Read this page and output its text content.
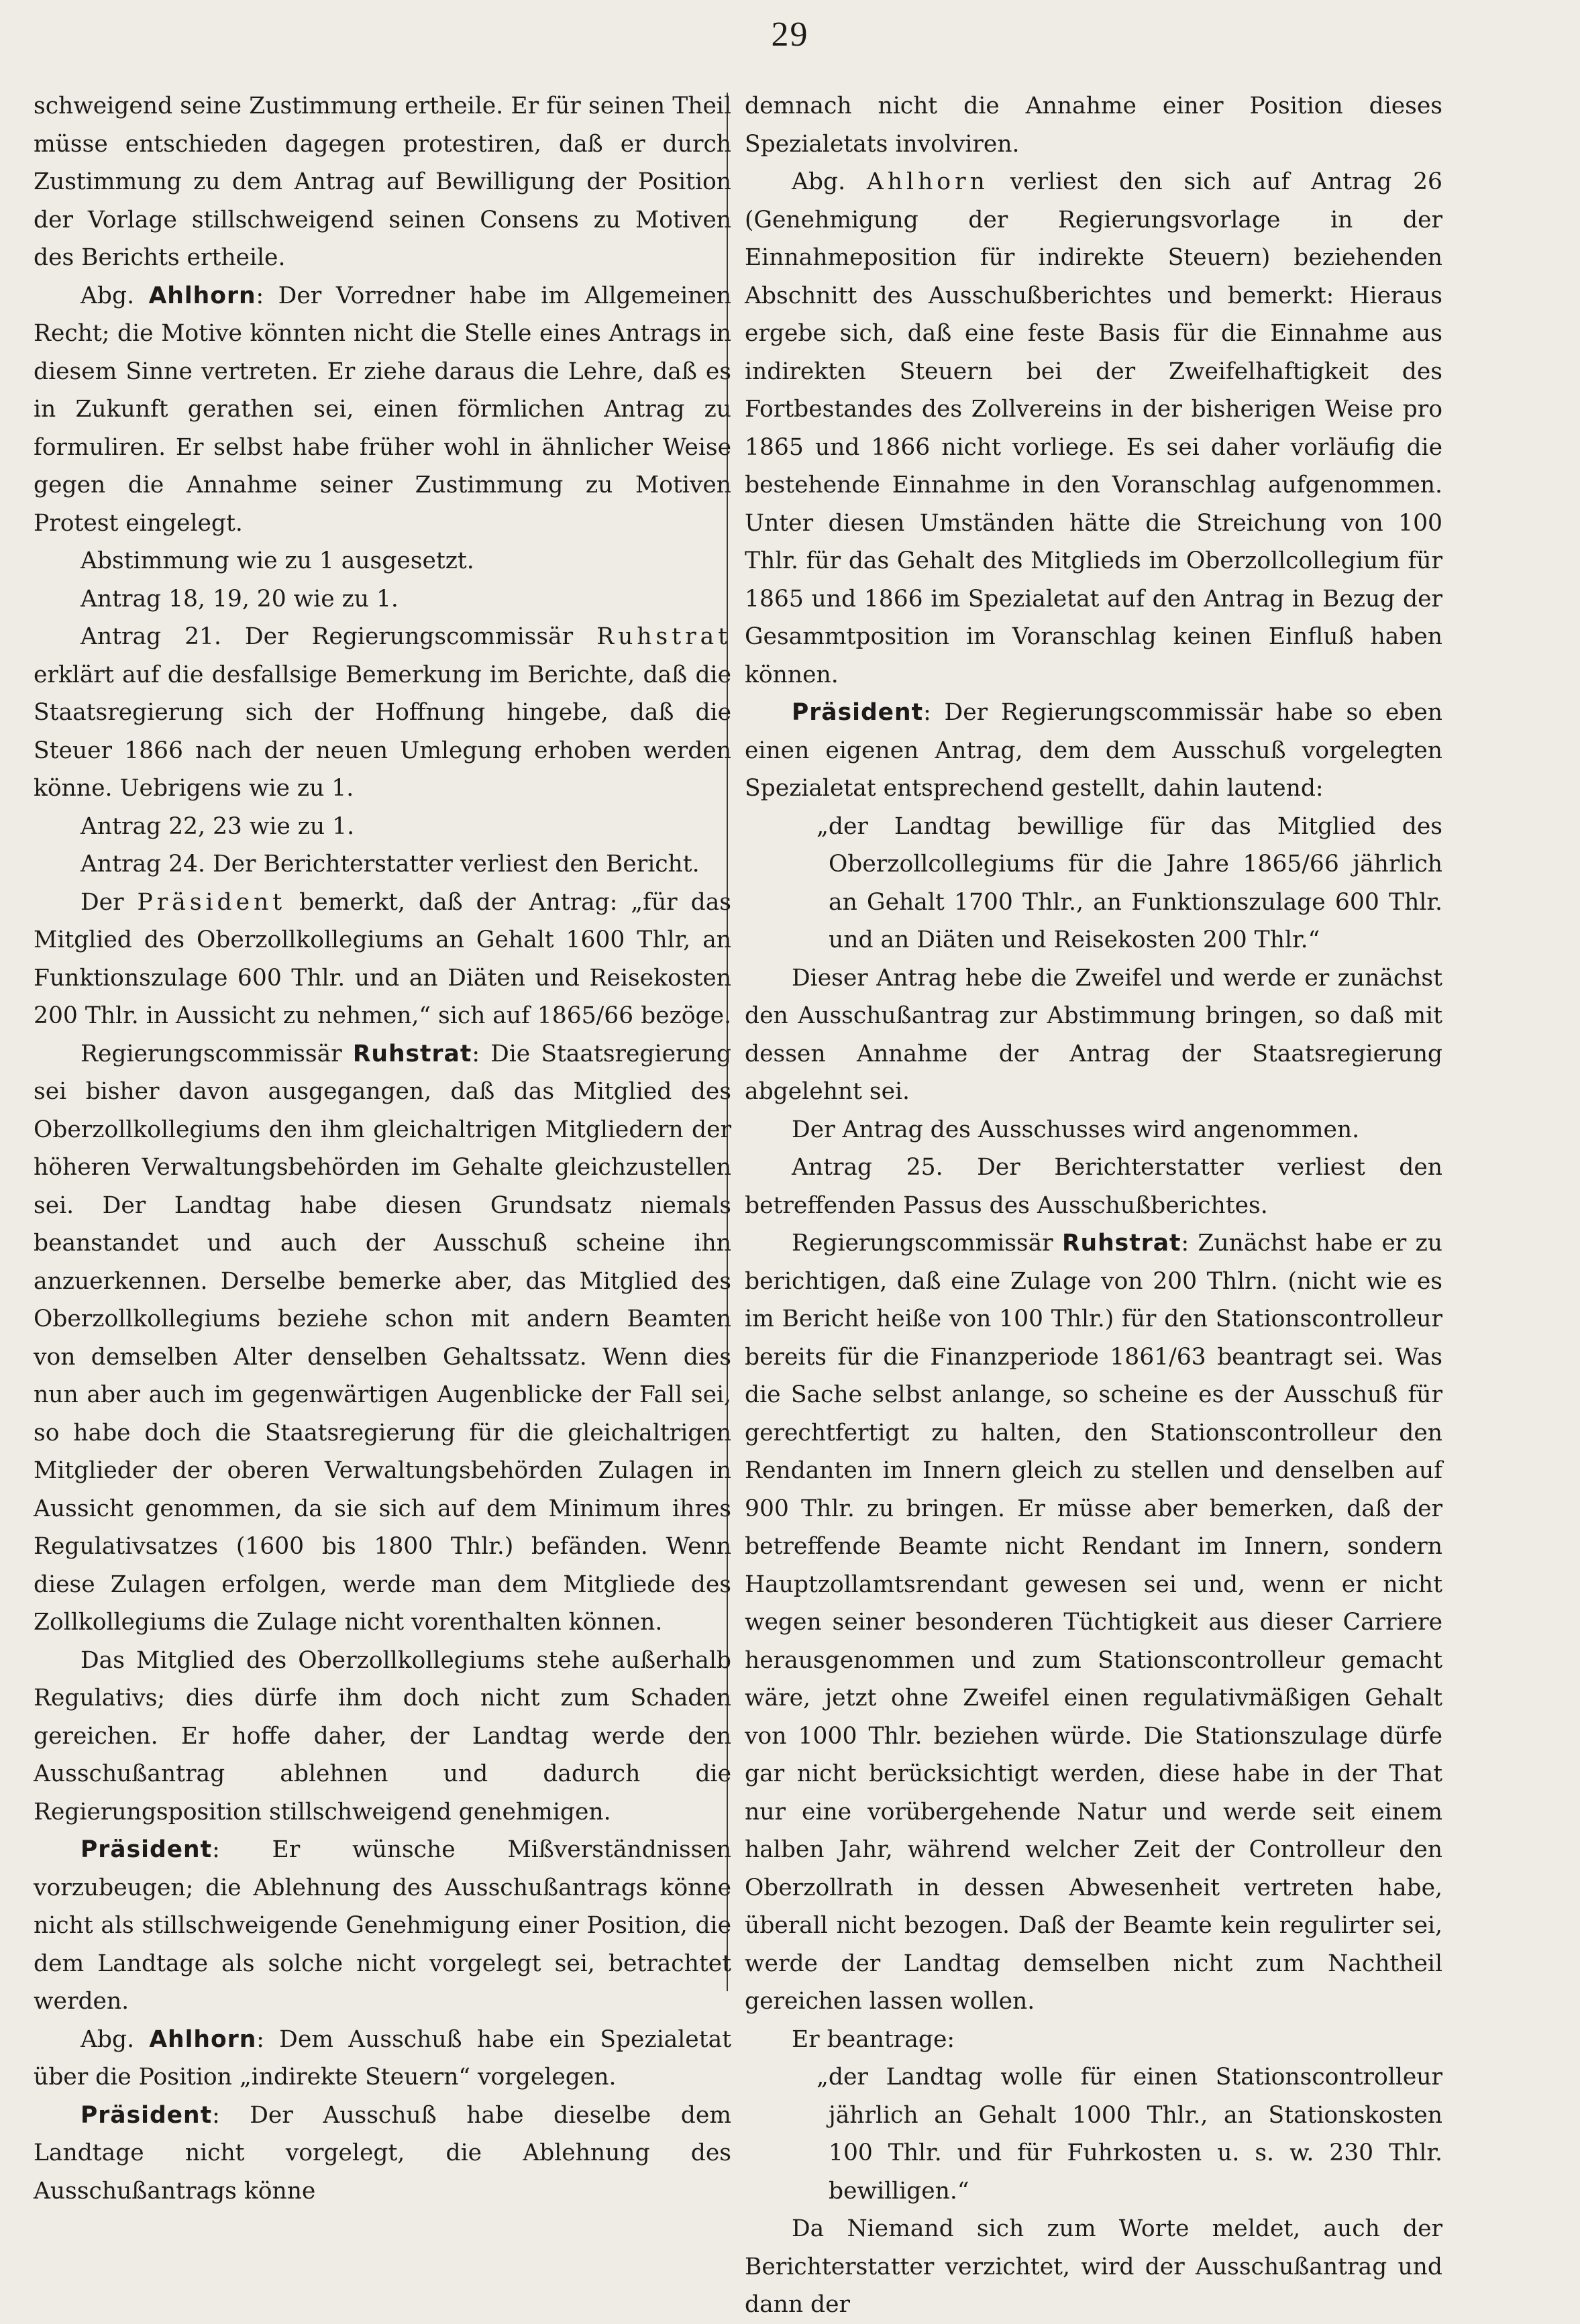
29

schweigend seine Zustimmung ertheile. Er für seinen Theil müsse entschieden dagegen protestiren, daß er durch Zustimmung zu dem Antrag auf Bewilligung der Position der Vorlage stillschweigend seinen Consens zu Motiven des Berichts ertheile.

Abg. Ahlhorn: Der Vorredner habe im Allgemeinen Recht; die Motive könnten nicht die Stelle eines Antrags in diesem Sinne vertreten. Er ziehe daraus die Lehre, daß es in Zukunft gerathen sei, einen förmlichen Antrag zu formuliren. Er selbst habe früher wohl in ähnlicher Weise gegen die Annahme seiner Zustimmung zu Motiven Protest eingelegt.

Abstimmung wie zu 1 ausgesetzt.

Antrag 18, 19, 20 wie zu 1.

Antrag 21. Der Regierungscommissär Ruhstrat erklärt auf die desfallsige Bemerkung im Berichte, daß die Staatsregierung sich der Hoffnung hingebe, daß die Steuer 1866 nach der neuen Umlegung erhoben werden könne. Uebrigens wie zu 1.

Antrag 22, 23 wie zu 1.

Antrag 24. Der Berichterstatter verliest den Bericht.

Der Präsident bemerkt, daß der Antrag: „für das Mitglied des Oberzollkollegiums an Gehalt 1600 Thlr, an Funktionszulage 600 Thlr. und an Diäten und Reisekosten 200 Thlr. in Aussicht zu nehmen,“ sich auf 1865/66 bezöge.

Regierungscommissär Ruhstrat: Die Staatsregierung sei bisher davon ausgegangen, daß das Mitglied des Oberzollkollegiums den ihm gleichaltrigen Mitgliedern der höheren Verwaltungsbehörden im Gehalte gleichzustellen sei. Der Landtag habe diesen Grundsatz niemals beanstandet und auch der Ausschuß scheine ihn anzuerkennen. Derselbe bemerke aber, das Mitglied des Oberzollkollegiums beziehe schon mit andern Beamten von demselben Alter denselben Gehaltssatz. Wenn dies nun aber auch im gegenwärtigen Augenblicke der Fall sei, so habe doch die Staatsregierung für die gleichaltrigen Mitglieder der oberen Verwaltungsbehörden Zulagen in Aussicht genommen, da sie sich auf dem Minimum ihres Regulativsatzes (1600 bis 1800 Thlr.) befänden. Wenn diese Zulagen erfolgen, werde man dem Mitgliede des Zollkollegiums die Zulage nicht vorenthalten können.

Das Mitglied des Oberzollkollegiums stehe außerhalb Regulativs; dies dürfe ihm doch nicht zum Schaden gereichen. Er hoffe daher, der Landtag werde den Ausschußantrag ablehnen und dadurch die Regierungsposition stillschweigend genehmigen.

Präsident: Er wünsche Mißverständnissen vorzubeugen; die Ablehnung des Ausschußantrags könne nicht als stillschweigende Genehmigung einer Position, die dem Landtage als solche nicht vorgelegt sei, betrachtet werden.

Abg. Ahlhorn: Dem Ausschuß habe ein Spezialetat über die Position „indirekte Steuern“ vorgelegen.

Präsident: Der Ausschuß habe dieselbe dem Landtage nicht vorgelegt, die Ablehnung des Ausschußantrags könne

demnach nicht die Annahme einer Position dieses Spezialetats involviren.

Abg. Ahlhorn verliest den sich auf Antrag 26 (Genehmigung der Regierungsvorlage in der Einnahmeposition für indirekte Steuern) beziehenden Abschnitt des Ausschußberichtes und bemerkt: Hieraus ergebe sich, daß eine feste Basis für die Einnahme aus indirekten Steuern bei der Zweifelhaftigkeit des Fortbestandes des Zollvereins in der bisherigen Weise pro 1865 und 1866 nicht vorliege. Es sei daher vorläufig die bestehende Einnahme in den Voranschlag aufgenommen. Unter diesen Umständen hätte die Streichung von 100 Thlr. für das Gehalt des Mitglieds im Oberzollcollegium für 1865 und 1866 im Spezialetat auf den Antrag in Bezug der Gesammtposition im Voranschlag keinen Einfluß haben können.

Präsident: Der Regierungscommissär habe so eben einen eigenen Antrag, dem dem Ausschuß vorgelegten Spezialetat entsprechend gestellt, dahin lautend:

„der Landtag bewillige für das Mitglied des Oberzollcollegiums für die Jahre 1865/66 jährlich an Gehalt 1700 Thlr., an Funktionszulage 600 Thlr. und an Diäten und Reisekosten 200 Thlr.“

Dieser Antrag hebe die Zweifel und werde er zunächst den Ausschußantrag zur Abstimmung bringen, so daß mit dessen Annahme der Antrag der Staatsregierung abgelehnt sei.

Der Antrag des Ausschusses wird angenommen.

Antrag 25. Der Berichterstatter verliest den betreffenden Passus des Ausschußberichtes.

Regierungscommissär Ruhstrat: Zunächst habe er zu berichtigen, daß eine Zulage von 200 Thlrn. (nicht wie es im Bericht heiße von 100 Thlr.) für den Stationscontrolleur bereits für die Finanzperiode 1861/63 beantragt sei. Was die Sache selbst anlange, so scheine es der Ausschuß für gerechtfertigt zu halten, den Stationscontrolleur den Rendanten im Innern gleich zu stellen und denselben auf 900 Thlr. zu bringen. Er müsse aber bemerken, daß der betreffende Beamte nicht Rendant im Innern, sondern Hauptzollamtsrendant gewesen sei und, wenn er nicht wegen seiner besonderen Tüchtigkeit aus dieser Carriere herausgenommen und zum Stationscontrolleur gemacht wäre, jetzt ohne Zweifel einen regulativmäßigen Gehalt von 1000 Thlr. beziehen würde. Die Stationszulage dürfe gar nicht berücksichtigt werden, diese habe in der That nur eine vorübergehende Natur und werde seit einem halben Jahr, während welcher Zeit der Controlleur den Oberzollrath in dessen Abwesenheit vertreten habe, überall nicht bezogen. Daß der Beamte kein regulirter sei, werde der Landtag demselben nicht zum Nachtheil gereichen lassen wollen.

Er beantrage:

„der Landtag wolle für einen Stationscontrolleur jährlich an Gehalt 1000 Thlr., an Stationskosten 100 Thlr. und für Fuhrkosten u. s. w. 230 Thlr. bewilligen.“

Da Niemand sich zum Worte meldet, auch der Berichterstatter verzichtet, wird der Ausschußantrag und dann der
